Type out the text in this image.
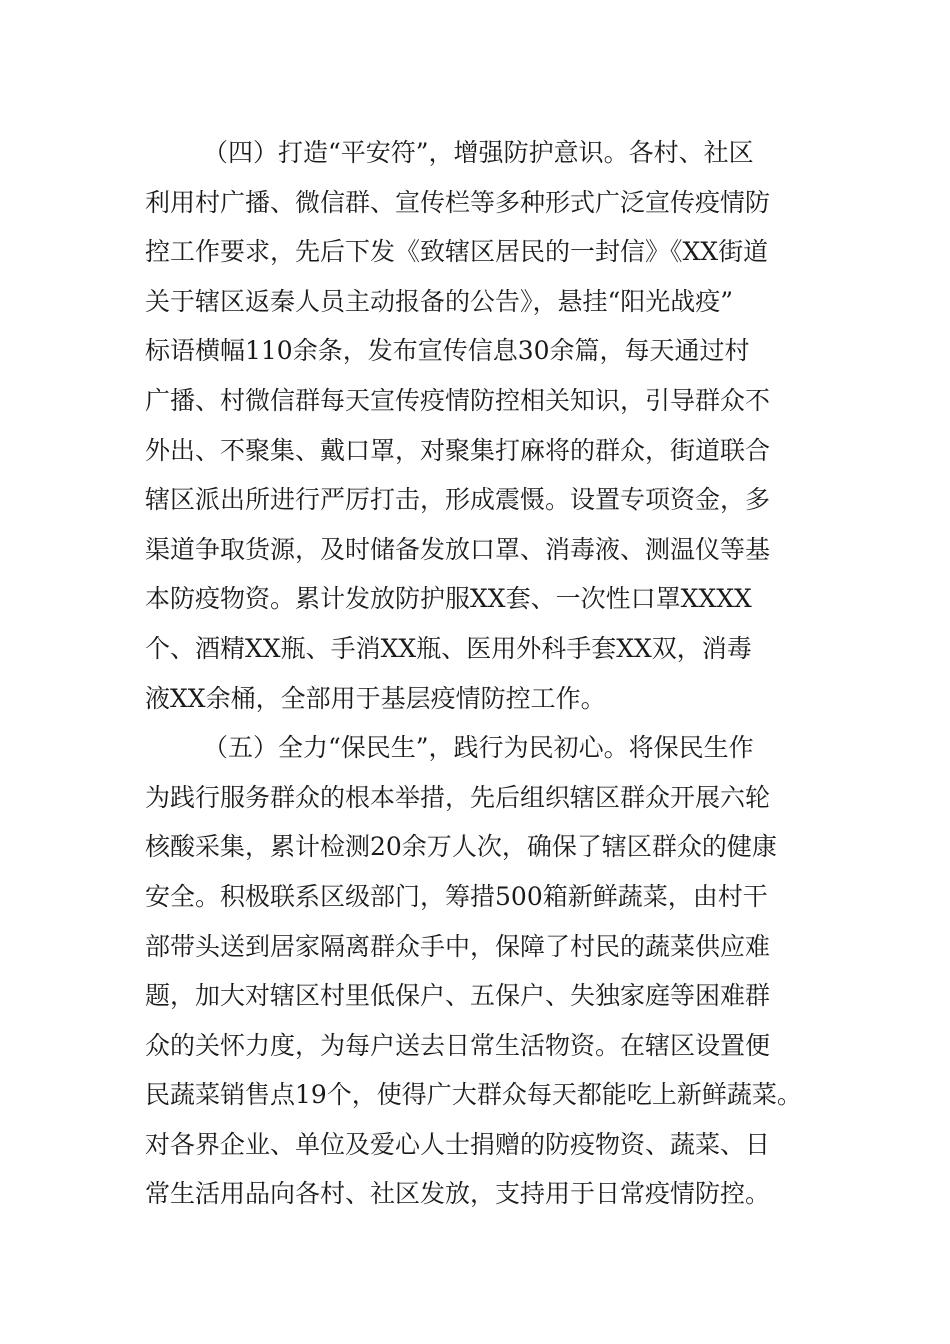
（四）打造“平安符”，增强防护意识。各村、社区
利用村广播、微信群、宣传栏等多种形式广泛宣传疫情防
控工作要求，先后下发《致辖区居民的一封信》《XX街道
关于辖区返秦人员主动报备的公告》，悬挂“阳光战疫”
标语横幅110余条，发布宣传信息30余篇，每天通过村
广播、村微信群每天宣传疫情防控相关知识，引导群众不
外出、不聚集、戴口罩，对聚集打麻将的群众，街道联合
辖区派出所进行严厉打击，形成震慑。设置专项资金，多
渠道争取货源，及时储备发放口罩、消毒液、测温仪等基
本防疫物资。累计发放防护服XX套、一次性口罩XXXX
个、酒精XX瓶、手消XX瓶、医用外科手套XX双，消毒
液XX余桶，全部用于基层疫情防控工作。
（五）全力“保民生”，践行为民初心。将保民生作
为践行服务群众的根本举措，先后组织辖区群众开展六轮
核酸采集，累计检测20余万人次，确保了辖区群众的健康
安全。积极联系区级部门，筹措500箱新鲜蔬菜，由村干
部带头送到居家隔离群众手中，保障了村民的蔬菜供应难
题，加大对辖区村里低保户、五保户、失独家庭等困难群
众的关怀力度，为每户送去日常生活物资。在辖区设置便
民蔬菜销售点19个，使得广大群众每天都能吃上新鲜蔬菜。
对各界企业、单位及爱心人士捐赠的防疫物资、蔬菜、日
常生活用品向各村、社区发放，支持用于日常疫情防控。
